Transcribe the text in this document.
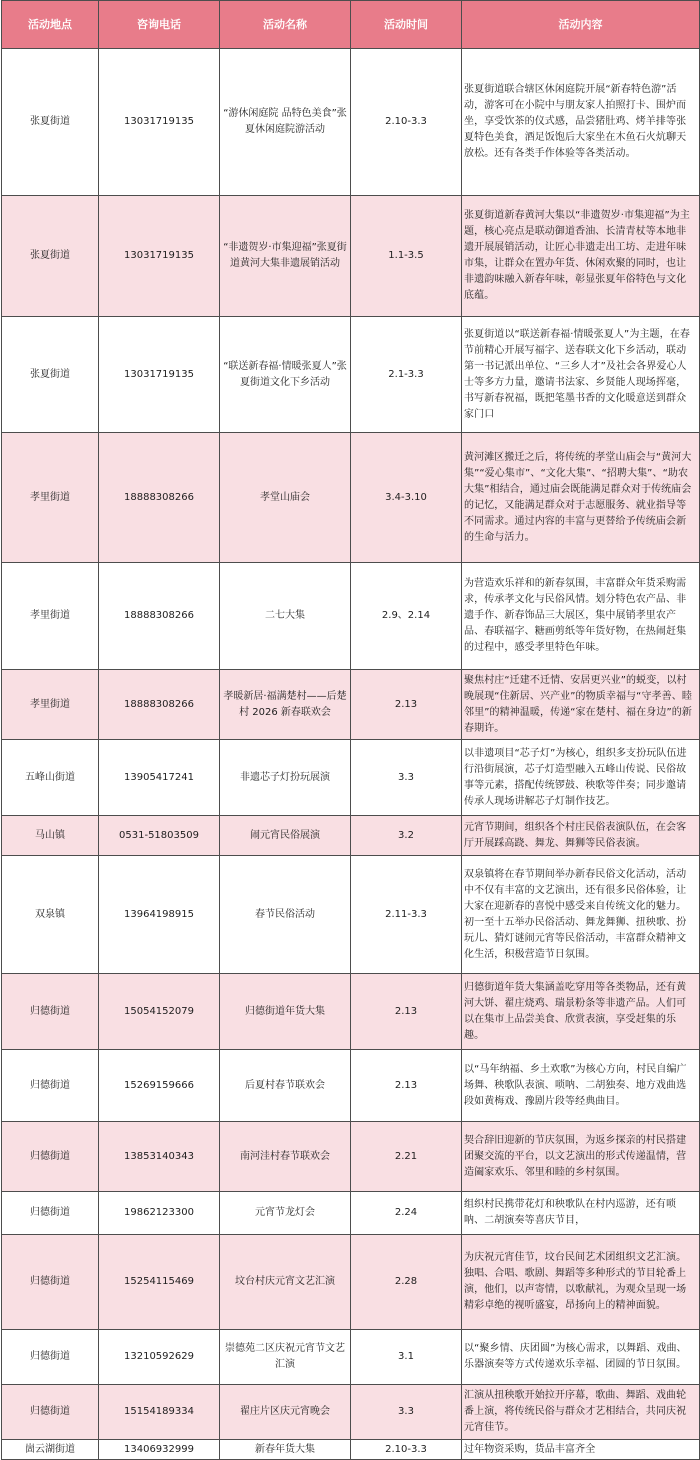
活动地点	咨询电话	活动名称	活动时间	活动内容
张夏街道	13031719135	“游休闲庭院 品特色美食”张夏休闲庭院游活动	2.10-3.3	张夏街道联合辖区休闲庭院开展“新春特色游”活动，游客可在小院中与朋友家人拍照打卡、围炉而坐，享受饮茶的仪式感，品尝猪肚鸡、烤羊排等张夏特色美食，酒足饭饱后大家坐在木鱼石火炕聊天放松。还有各类手作体验等各类活动。
张夏街道	13031719135	“非遗贺岁·市集迎福”张夏街道黄河大集非遗展销活动	1.1-3.5	张夏街道新春黄河大集以“非遗贺岁·市集迎福”为主题，核心亮点是联动御道香油、长清青杖等本地非遗开展展销活动，让匠心非遗走出工坊、走进年味市集，让群众在置办年货、休闲欢聚的同时，也让非遗韵味融入新春年味，彰显张夏年俗特色与文化底蕴。
张夏街道	13031719135	“联送新春福·情暖张夏人”张夏街道文化下乡活动	2.1-3.3	张夏街道以“联送新春福·情暖张夏人”为主题，在春节前精心开展写福字、送春联文化下乡活动，联动第一书记派出单位、“三乡人才”及社会各界爱心人士等多方力量，邀请书法家、乡贤能人现场挥毫，书写新春祝福，既把笔墨书香的文化暖意送到群众家门口
孝里街道	18888308266	孝堂山庙会	3.4-3.10	黄河滩区搬迁之后，将传统的孝堂山庙会与“黄河大集”“爱心集市”、“文化大集”、“招聘大集”、“助农大集”相结合，通过庙会既能满足群众对于传统庙会的记忆，又能满足群众对于志愿服务、就业指导等不同需求。通过内容的丰富与更替给予传统庙会新的生命与活力。
孝里街道	18888308266	二七大集	2.9、2.14	为营造欢乐祥和的新春氛围，丰富群众年货采购需求，传承孝文化与民俗风情。划分特色农产品、非遗手作、新春饰品三大展区，集中展销孝里农产品、春联福字、糖画剪纸等年货好物，在热闹赶集的过程中，感受孝里特色年味。
孝里街道	18888308266	孝暖新居·福满楚村——后楚村 2026 新春联欢会	2.13	聚焦村庄“迁建不迁情、安居更兴业”的蜕变，以村晚展现“住新居、兴产业”的物质幸福与“守孝善、睦邻里”的精神温暖，传递“家在楚村、福在身边”的新春期许。
五峰山街道	13905417241	非遗芯子灯扮玩展演	3.3	以非遗项目“芯子灯”为核心，组织多支扮玩队伍进行沿街展演，芯子灯造型融入五峰山传说、民俗故事等元素，搭配传统锣鼓、秧歌等伴奏；同步邀请传承人现场讲解芯子灯制作技艺。
马山镇	0531-51803509	闹元宵民俗展演	3.2	元宵节期间，组织各个村庄民俗表演队伍，在会客厅开展踩高跷、舞龙、舞狮等民俗表演。
双泉镇	13964198915	春节民俗活动	2.11-3.3	双泉镇将在春节期间举办新春民俗文化活动，活动中不仅有丰富的文艺演出，还有很多民俗体验，让大家在迎新春的喜悦中感受来自传统文化的魅力。初一至十五举办民俗活动、舞龙舞狮、扭秧歌、扮玩儿、猜灯谜闹元宵等民俗活动，丰富群众精神文化生活，积极营造节日氛围。
归德街道	15054152079	归德街道年货大集	2.13	归德街道年货大集涵盖吃穿用等各类物品，还有黄河大饼、翟庄烧鸡、瑞景粉条等非遗产品。人们可以在集市上品尝美食、欣赏表演，享受赶集的乐趣。
归德街道	15269159666	后夏村春节联欢会	2.13	以“马年纳福、乡土欢歌”为核心方向，村民自编广场舞、秧歌队表演、唢呐、二胡独奏、地方戏曲选段如黄梅戏、豫剧片段等经典曲目。
归德街道	13853140343	南河洼村春节联欢会	2.21	契合辞旧迎新的节庆氛围，为返乡探亲的村民搭建团聚交流的平台，以文艺演出的形式传递温情，营造阖家欢乐、邻里和睦的乡村氛围。
归德街道	19862123300	元宵节龙灯会	2.24	组织村民携带花灯和秧歌队在村内巡游，还有唢呐、二胡演奏等喜庆节目，
归德街道	15254115469	坟台村庆元宵文艺汇演	2.28	为庆祝元宵佳节，坟台民间艺术团组织文艺汇演。独唱、合唱、歌剧、舞蹈等多种形式的节目轮番上演，他们，以声寄情，以歌献礼，为观众呈现一场精彩卓绝的视听盛宴，昂扬向上的精神面貌。
归德街道	13210592629	崇德苑二区庆祝元宵节文艺汇演	3.1	以“聚乡情、庆团圆”为核心需求，以舞蹈、戏曲、乐器演奏等方式传递欢乐幸福、团圆的节日氛围。
归德街道	15154189334	翟庄片区庆元宵晚会	3.3	汇演从扭秧歌开始拉开序幕，歌曲、舞蹈、戏曲轮番上演，将传统民俗与群众才艺相结合，共同庆祝元宵佳节。
崮云湖街道	13406932999	新春年货大集	2.10-3.3	过年物资采购，货品丰富齐全
